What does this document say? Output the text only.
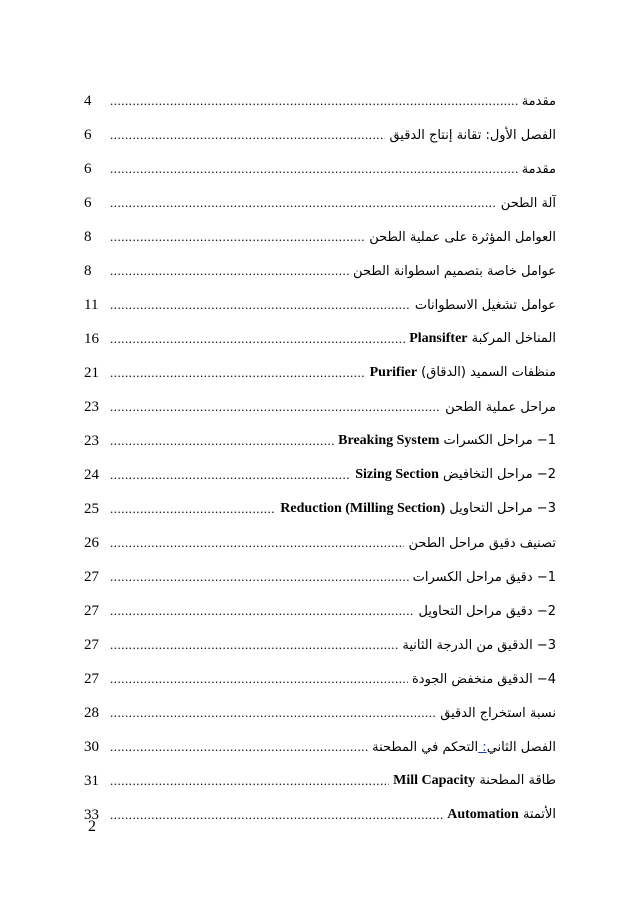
مقدمة
.....
4
الفصل الأول: تقانة إنتاج الدقيق
.....
6
مقدمة
.....
6
آلة الطحن
.....
6
العوامل المؤثرة على عملية الطحن
.....
8
عوامل خاصة بتصميم اسطوانة الطحن
.....
8
عوامل تشغيل الاسطوانات
.....
11
المناخل المركبة Plansifter
.....
16
منظفات السميد (الدقاق) Purifier
.....
21
مراحل عملية الطحن
.....
23
1− مراحل الكسرات Breaking System
.....
23
2− مراحل التخافيض Sizing Section
.....
24
3− مراحل التحاويل Reduction (Milling Section)
.....
25
تصنيف دقيق مراحل الطحن
.....
26
1− دقيق مراحل الكسرات
.....
27
2− دقيق مراحل التحاويل
.....
27
3− الدقيق من الدرجة الثانية
.....
27
4− الدقيق منخفض الجودة
.....
27
نسبة استخراج الدقيق
.....
28
الفصل الثاني: التحكم في المطحنة
.....
30
طاقة المطحنة Mill Capacity
.....
31
الأتمتة Automation
.....
33
2
